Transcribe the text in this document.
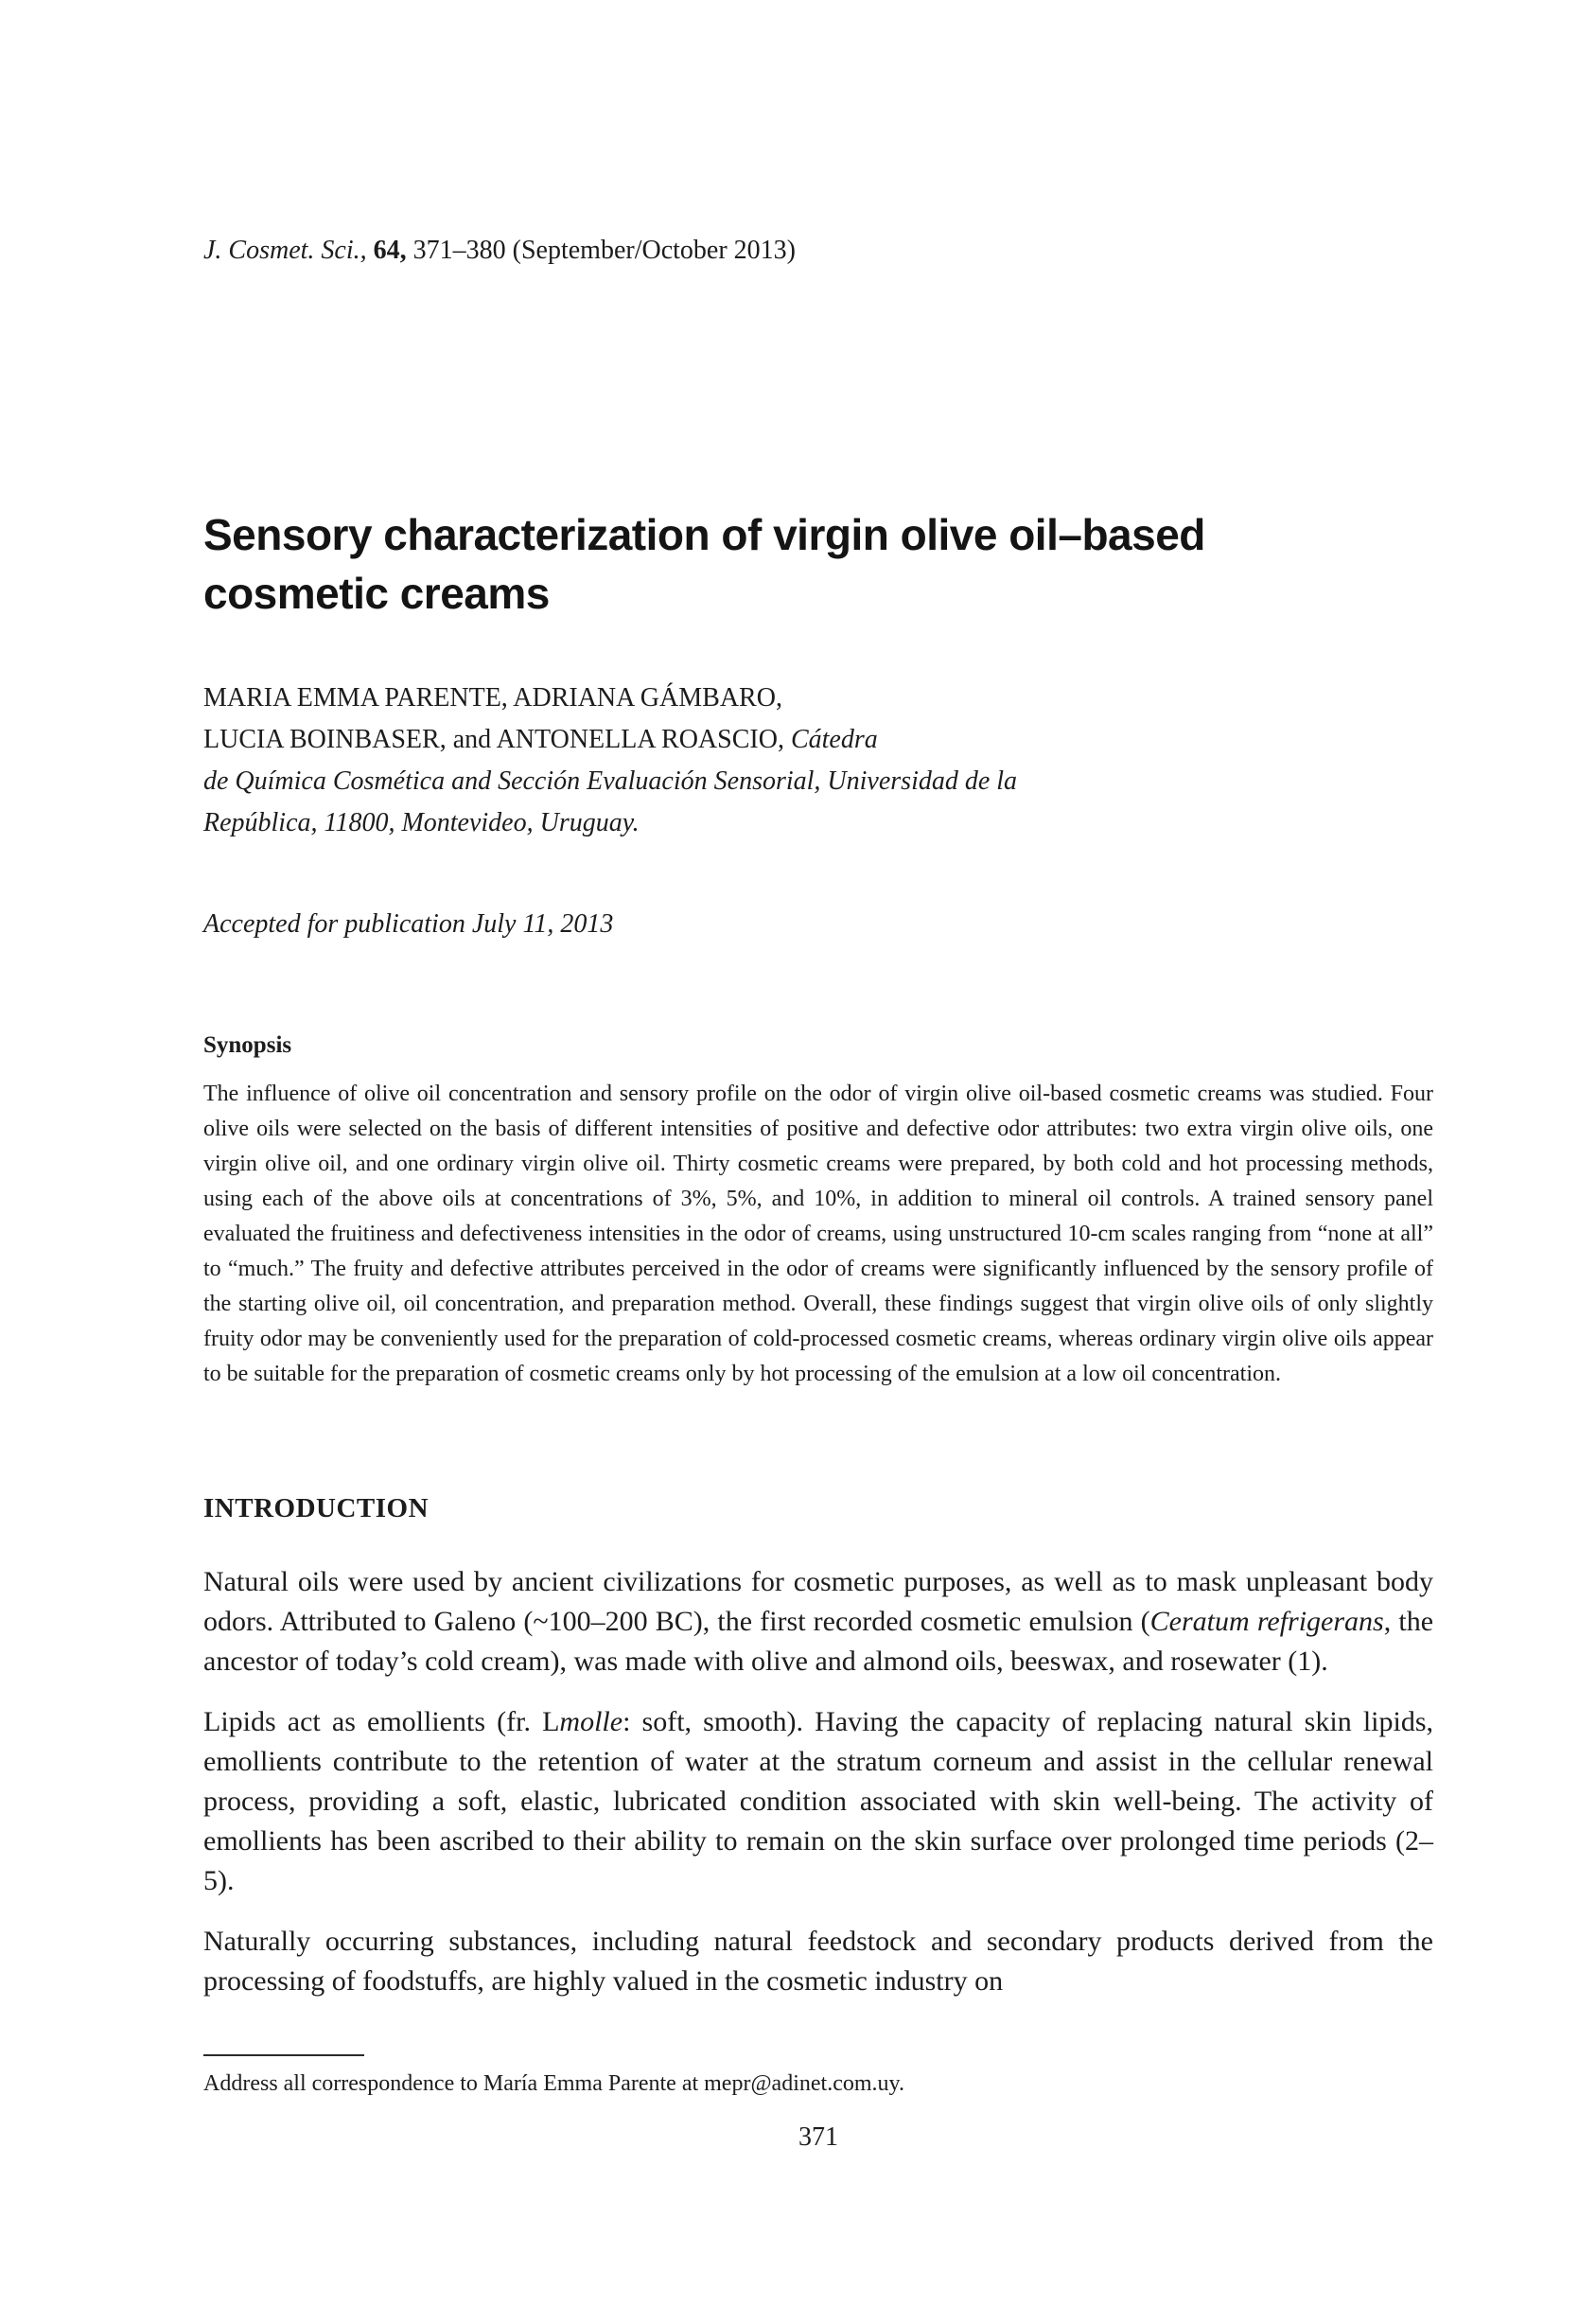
J. Cosmet. Sci., 64, 371–380 (September/October 2013)

Sensory characterization of virgin olive oil–based
cosmetic creams
MARIA EMMA PARENTE, ADRIANA GÁMBARO,
LUCIA BOINBASER, and ANTONELLA ROASCIO, Cátedra
de Química Cosmética and Sección Evaluación Sensorial, Universidad de la
República, 11800, Montevideo, Uruguay.

Accepted for publication July 11, 2013

Synopsis

The influence of olive oil concentration and sensory profile on the odor of virgin olive oil-based cosmetic creams was studied. Four olive oils were selected on the basis of different intensities of positive and defective odor attributes: two extra virgin olive oils, one virgin olive oil, and one ordinary virgin olive oil. Thirty cosmetic creams were prepared, by both cold and hot processing methods, using each of the above oils at concentrations of 3%, 5%, and 10%, in addition to mineral oil controls. A trained sensory panel evaluated the fruitiness and defectiveness intensities in the odor of creams, using unstructured 10-cm scales ranging from “none at all” to “much.” The fruity and defective attributes perceived in the odor of creams were significantly influenced by the sensory profile of the starting olive oil, oil concentration, and preparation method. Overall, these findings suggest that virgin olive oils of only slightly fruity odor may be conveniently used for the preparation of cold-processed cosmetic creams, whereas ordinary virgin olive oils appear to be suitable for the preparation of cosmetic creams only by hot processing of the emulsion at a low oil concentration.

INTRODUCTION

Natural oils were used by ancient civilizations for cosmetic purposes, as well as to mask unpleasant body odors. Attributed to Galeno (~100–200 BC), the first recorded cosmetic emulsion (Ceratum refrigerans, the ancestor of today’s cold cream), was made with olive and almond oils, beeswax, and rosewater (1).

Lipids act as emollients (fr. Lmolle: soft, smooth). Having the capacity of replacing natural skin lipids, emollients contribute to the retention of water at the stratum corneum and assist in the cellular renewal process, providing a soft, elastic, lubricated condition associated with skin well-being. The activity of emollients has been ascribed to their ability to remain on the skin surface over prolonged time periods (2–5).

Naturally occurring substances, including natural feedstock and secondary products derived from the processing of foodstuffs, are highly valued in the cosmetic industry on

Address all correspondence to María Emma Parente at mepr@adinet.com.uy.

371
